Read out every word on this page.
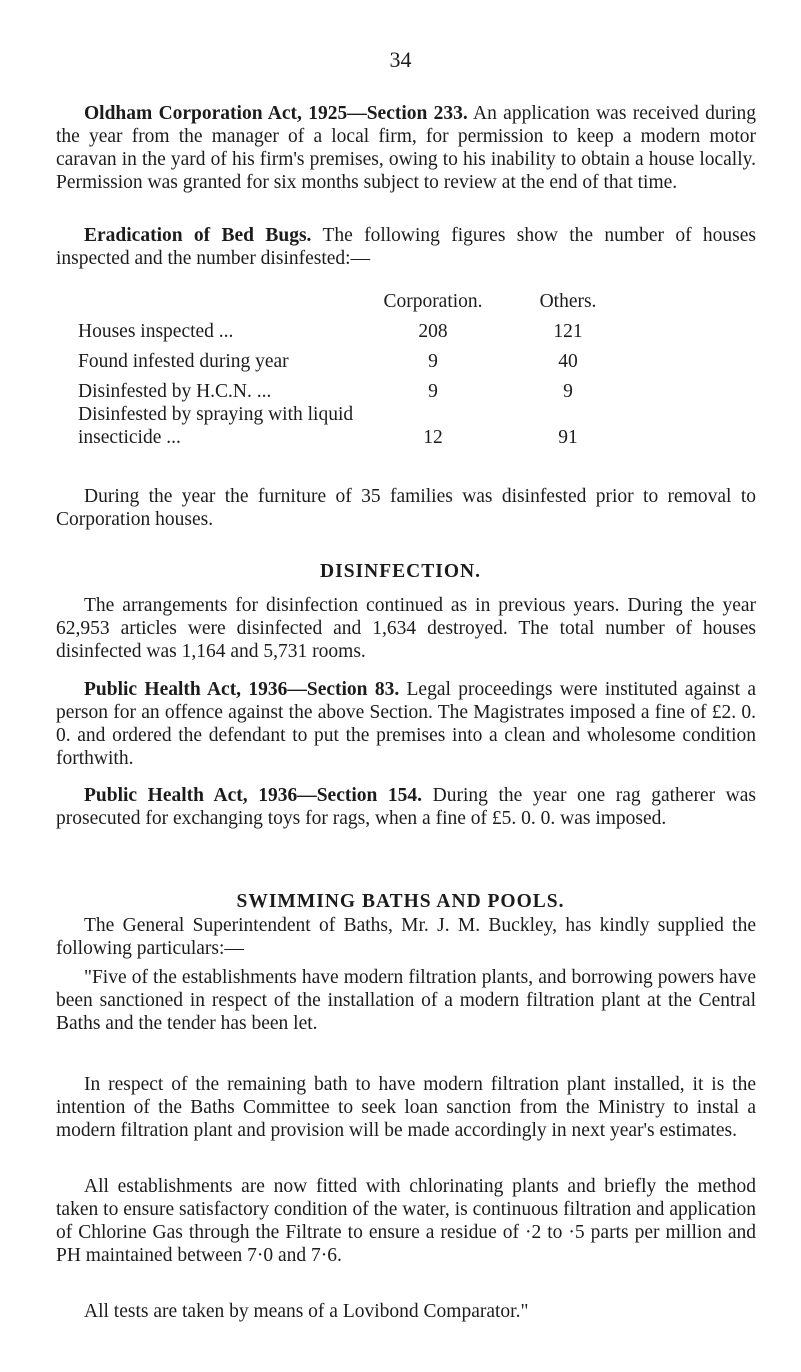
34

Oldham Corporation Act, 1925—Section 233. An application was received during the year from the manager of a local firm, for permission to keep a modern motor caravan in the yard of his firm's premises, owing to his inability to obtain a house locally. Permission was granted for six months subject to review at the end of that time.

Eradication of Bed Bugs. The following figures show the number of houses inspected and the number disinfested:—

	Corporation.	Others.
Houses inspected ...	208	121
Found infested during year	9	40
Disinfested by H.C.N. ...	9	9
Disinfested by spraying with liquid insecticide ...	12	91

During the year the furniture of 35 families was disinfested prior to removal to Corporation houses.

DISINFECTION.

The arrangements for disinfection continued as in previous years. During the year 62,953 articles were disinfected and 1,634 destroyed. The total number of houses disinfected was 1,164 and 5,731 rooms.

Public Health Act, 1936—Section 83. Legal proceedings were instituted against a person for an offence against the above Section. The Magistrates imposed a fine of £2. 0. 0. and ordered the defendant to put the premises into a clean and wholesome condition forthwith.

Public Health Act, 1936—Section 154. During the year one rag gatherer was prosecuted for exchanging toys for rags, when a fine of £5. 0. 0. was imposed.

SWIMMING BATHS AND POOLS.

The General Superintendent of Baths, Mr. J. M. Buckley, has kindly supplied the following particulars:—

"Five of the establishments have modern filtration plants, and borrowing powers have been sanctioned in respect of the installation of a modern filtration plant at the Central Baths and the tender has been let.

In respect of the remaining bath to have modern filtration plant installed, it is the intention of the Baths Committee to seek loan sanction from the Ministry to instal a modern filtration plant and provision will be made accordingly in next year's estimates.

All establishments are now fitted with chlorinating plants and briefly the method taken to ensure satisfactory condition of the water, is continuous filtration and application of Chlorine Gas through the Filtrate to ensure a residue of ·2 to ·5 parts per million and PH maintained between 7·0 and 7·6.

All tests are taken by means of a Lovibond Comparator."
